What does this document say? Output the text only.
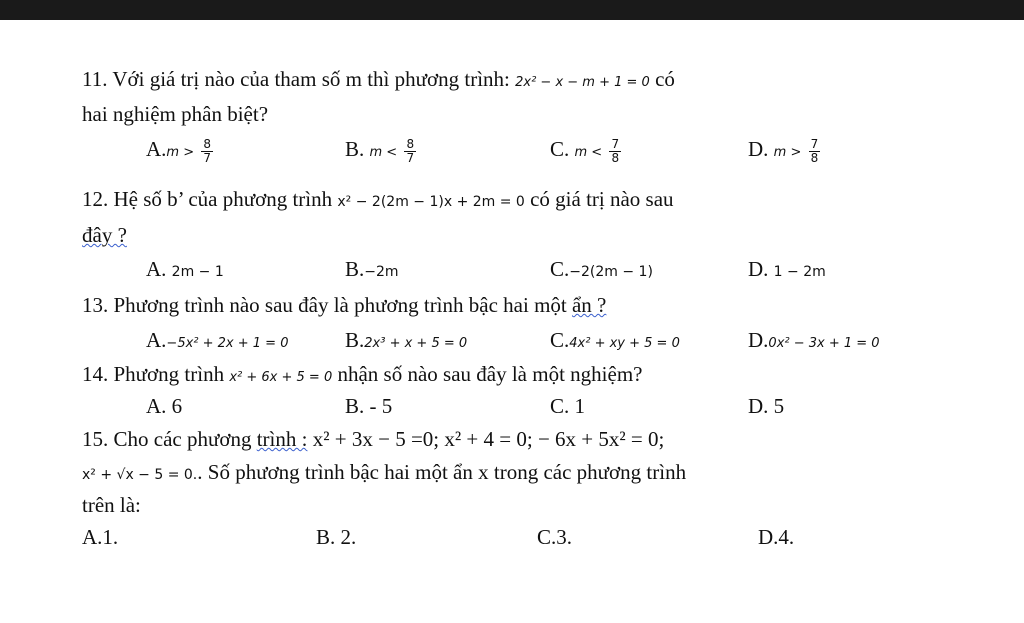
11. Với giá trị nào của tham số m thì phương trình: 2x² − x − m + 1 = 0 có
hai nghiệm phân biệt?
$A.m > \frac{8}{7}$	B. $m < \frac{8}{7}$	C. $m < \frac{7}{8}$	D. $m > \frac{7}{8}$
12. Hệ số b’ của phương trình x² − 2(2m − 1)x + 2m = 0 có giá trị nào sau
đây ?
A. 2m − 1	B.−2m	C.−2(2m − 1)	D. 1 − 2m
13. Phương trình nào sau đây là phương trình bậc hai một ẩn ?
A.−5x² + 2x + 1 = 0	B.2x³ + x + 5 = 0	C.4x² + xy + 5 = 0	D.0x² − 3x + 1 = 0
14. Phương trình x² + 6x + 5 = 0 nhận số nào sau đây là một nghiệm?
A. 6	B. - 5	C. 1	D. 5
15. Cho các phương trình : x² + 3x − 5 =0; x² + 4 = 0; − 6x + 5x² = 0;
x² + √x − 5 = 0.. Số phương trình bậc hai một ẩn x trong các phương trình
trên là:
A.1.	B. 2.	C.3.	D.4.
